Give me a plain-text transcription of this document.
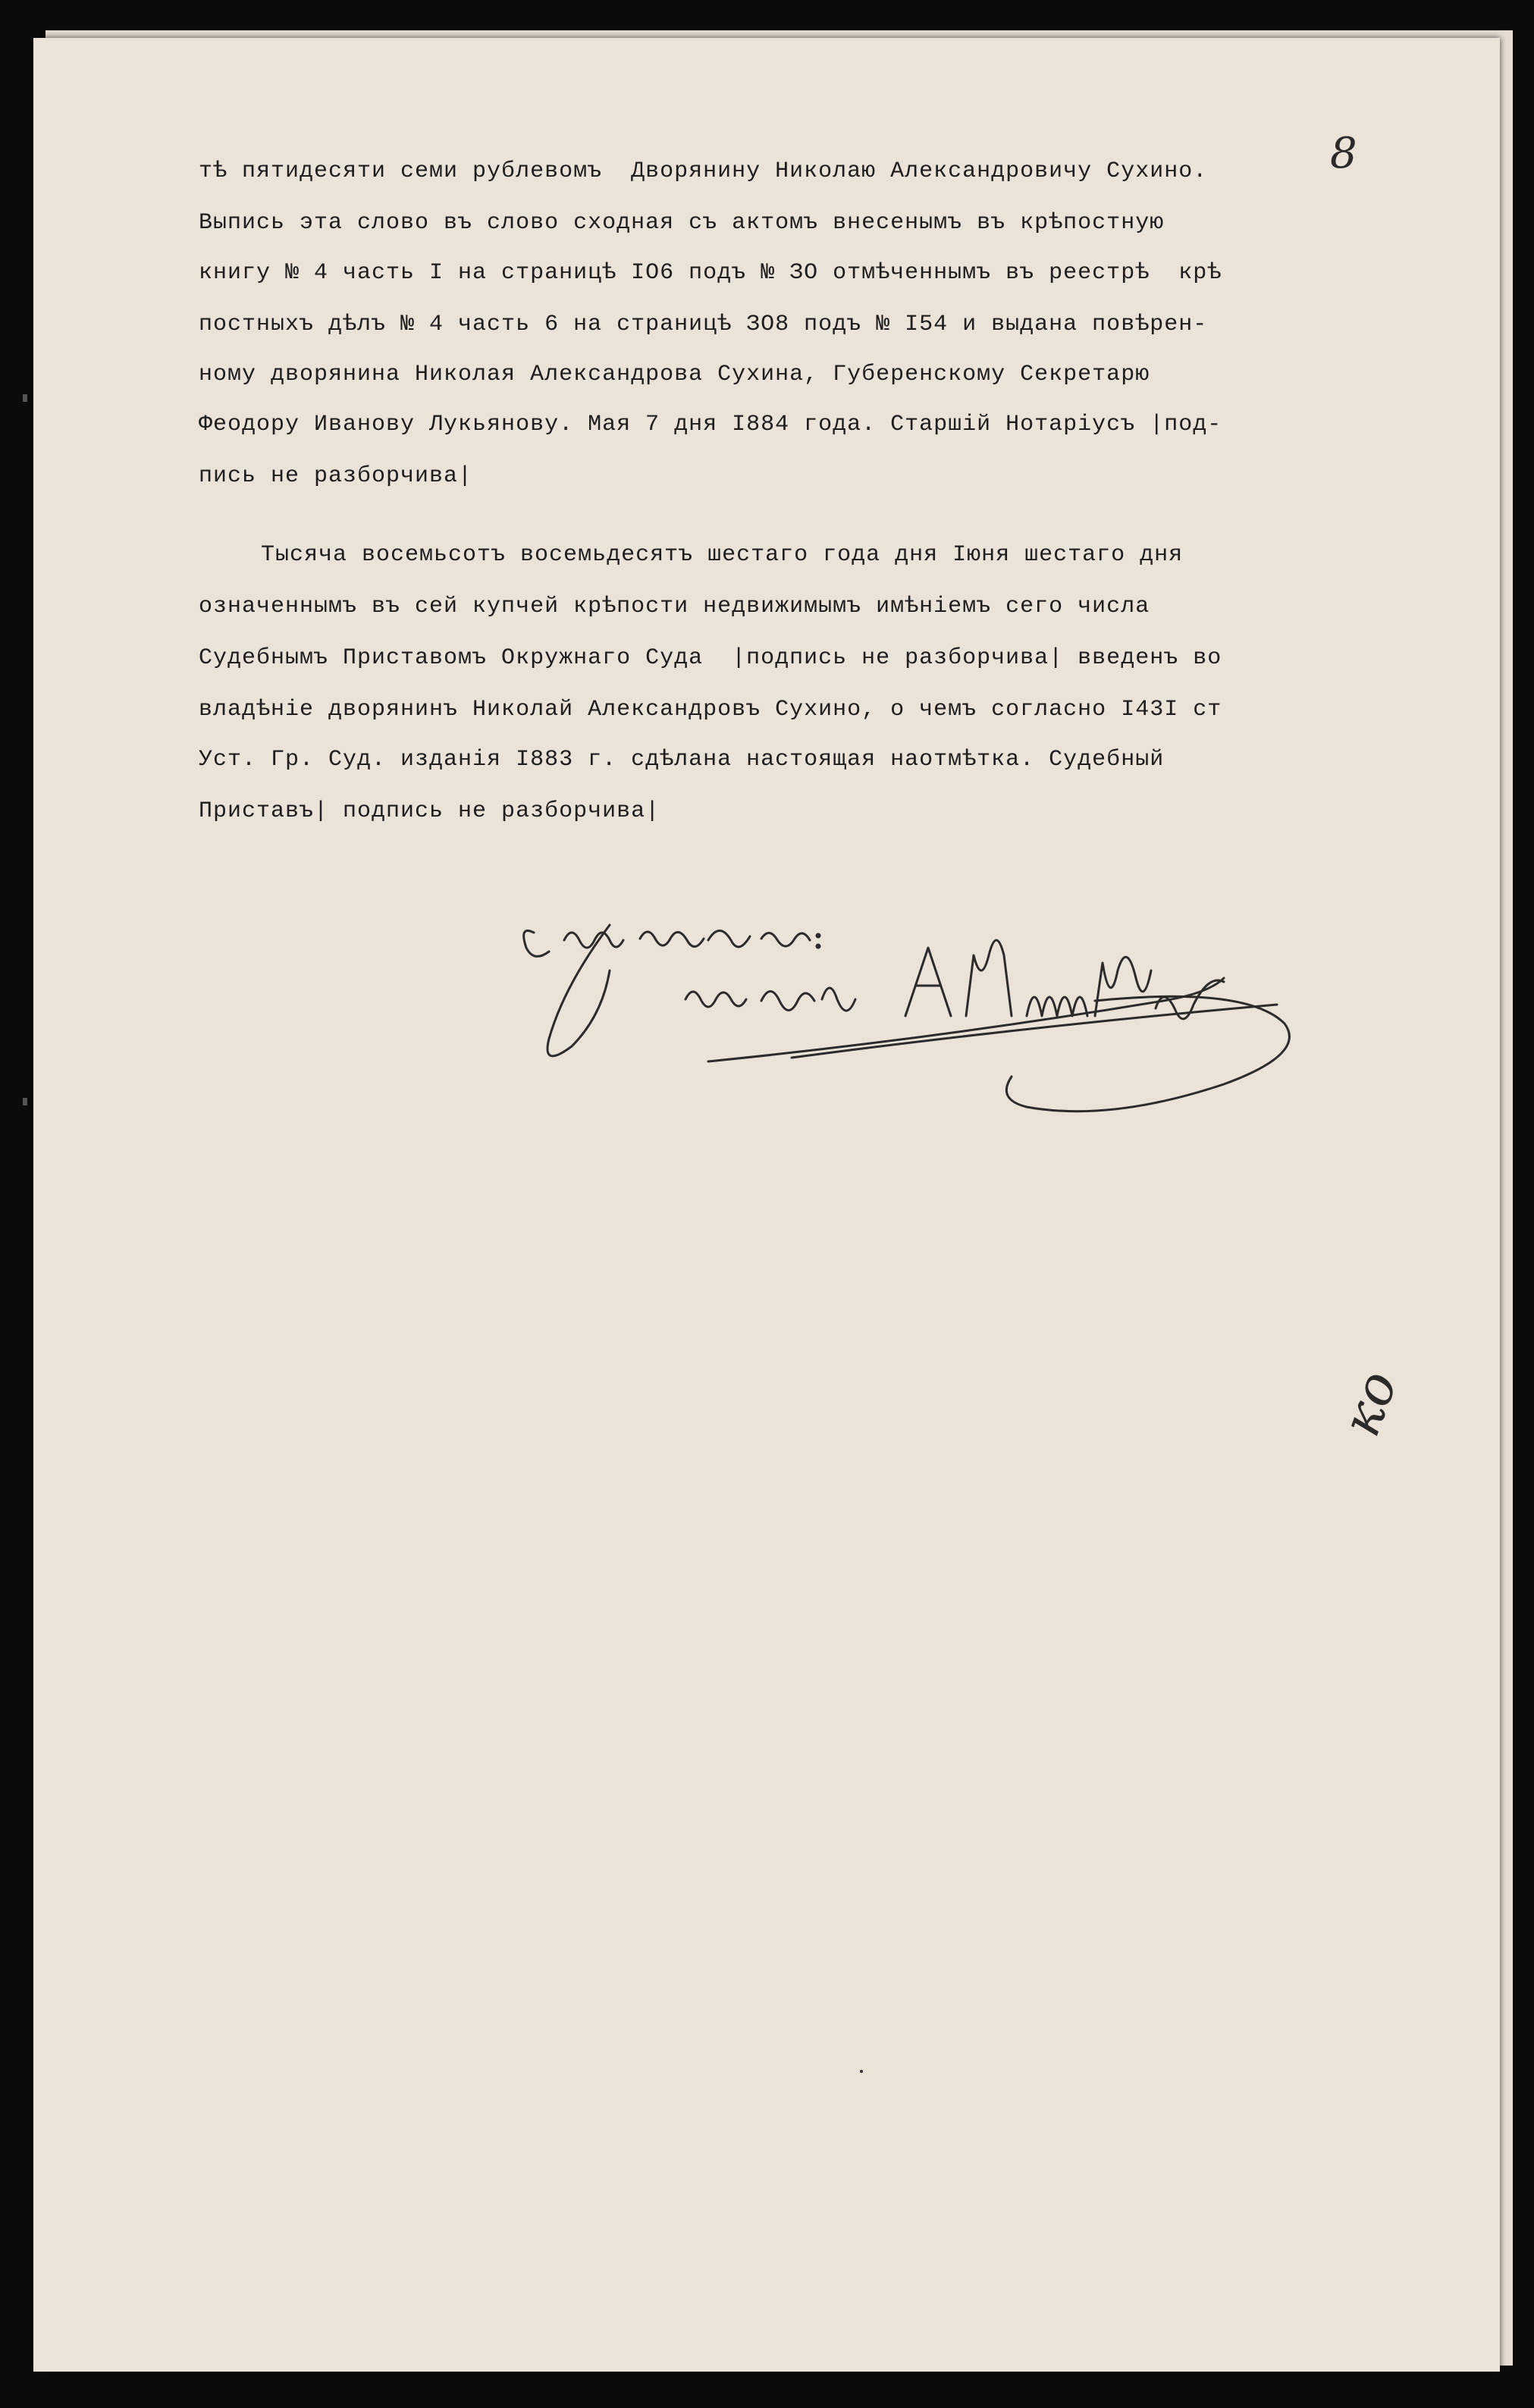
8
тѣ пятидесяти семи рублевомъ  Дворянину Николаю Александровичу Сухино.
Выпись эта слово въ слово сходная съ актомъ внесенымъ въ крѣпостную
книгу № 4 часть I на страницѣ IО6 подъ № ЗО отмѣченнымъ въ реестрѣ  крѣ
постныхъ дѣлъ № 4 часть 6 на страницѣ ЗО8 подъ № I54 и выдана повѣрен-
ному дворянина Николая Александрова Сухина, Губеренскому Секретарю
Феодору Иванову Лукьянову. Мая 7 дня I884 года. Старшій Нотаріусъ |под-
пись не разборчива|
Тысяча восемьсотъ восемьдесятъ шестаго года дня Іюня шестаго дня
означеннымъ въ сей купчей крѣпости недвижимымъ имѣніемъ сего числа
Судебнымъ Приставомъ Окружнаго Суда  |подпись не разборчива| введенъ во
владѣніе дворянинъ Николай Александровъ Сухино, о чемъ согласно I43I ст
Уст. Гр. Суд. изданія I883 г. сдѣлана настоящая наотмѣтка. Судебный
Приставъ| подпись не разборчива|
ко
